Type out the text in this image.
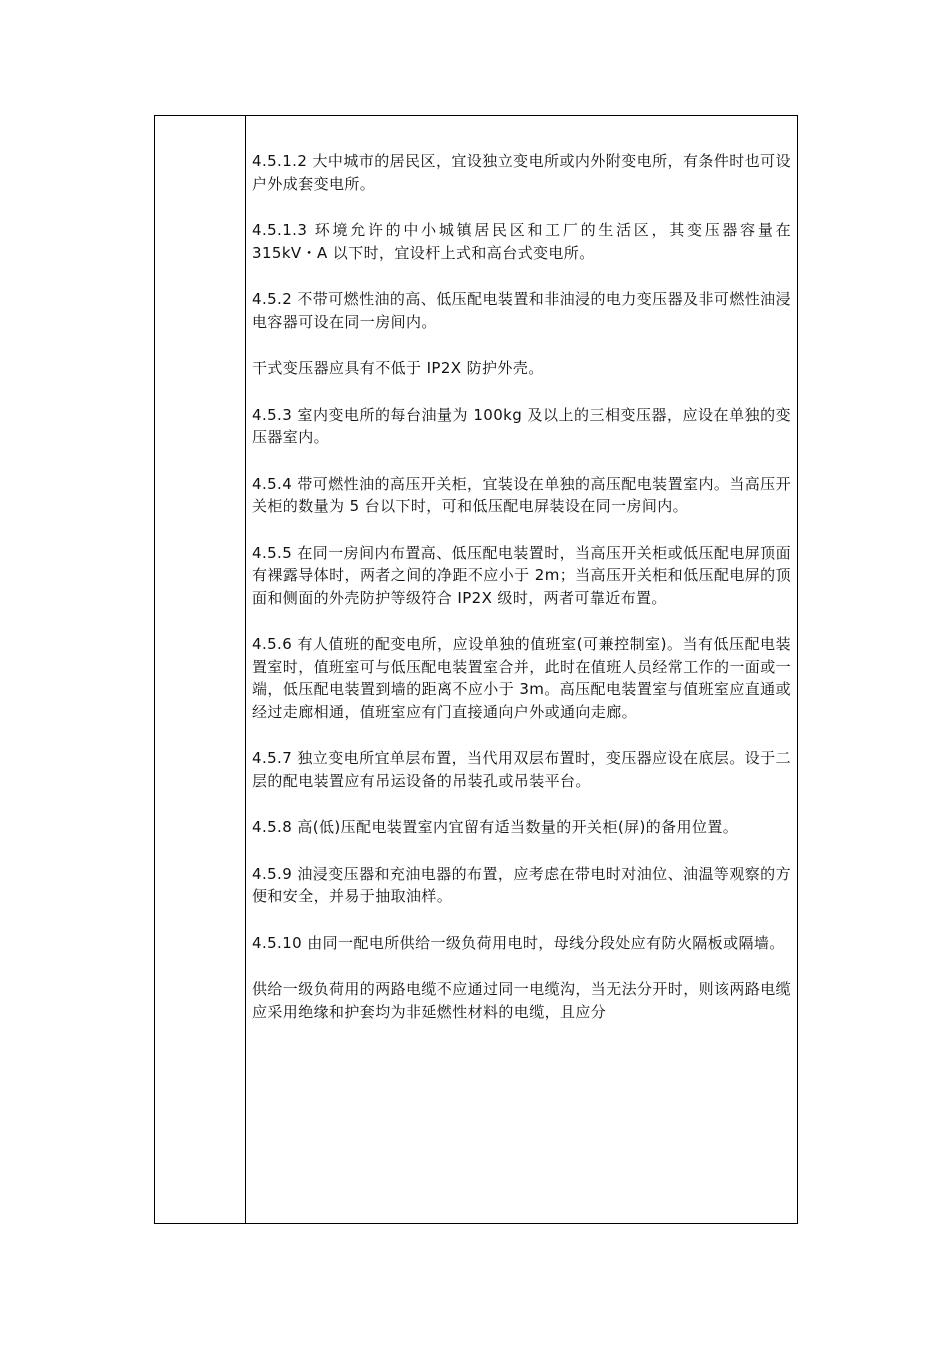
4.5.1.2 大中城市的居民区，宜设独立变电所或内外附变电所，有条件时也可设户外成套变电所。

4.5.1.3 环境允许的中小城镇居民区和工厂的生活区，其变压器容量在 315kV・A 以下时，宜设杆上式和高台式变电所。

4.5.2 不带可燃性油的高、低压配电装置和非油浸的电力变压器及非可燃性油浸电容器可设在同一房间内。

干式变压器应具有不低于 IP2X 防护外壳。

4.5.3 室内变电所的每台油量为 100kg 及以上的三相变压器，应设在单独的变压器室内。

4.5.4 带可燃性油的高压开关柜，宜装设在单独的高压配电装置室内。当高压开关柜的数量为 5 台以下时，可和低压配电屏装设在同一房间内。

4.5.5 在同一房间内布置高、低压配电装置时，当高压开关柜或低压配电屏顶面有裸露导体时，两者之间的净距不应小于 2m；当高压开关柜和低压配电屏的顶面和侧面的外壳防护等级符合 IP2X 级时，两者可靠近布置。

4.5.6 有人值班的配变电所，应设单独的值班室(可兼控制室)。当有低压配电装置室时，值班室可与低压配电装置室合并，此时在值班人员经常工作的一面或一端，低压配电装置到墙的距离不应小于 3m。高压配电装置室与值班室应直通或经过走廊相通，值班室应有门直接通向户外或通向走廊。

4.5.7 独立变电所宜单层布置，当代用双层布置时，变压器应设在底层。设于二层的配电装置应有吊运设备的吊装孔或吊装平台。

4.5.8 高(低)压配电装置室内宜留有适当数量的开关柜(屏)的备用位置。

4.5.9 油浸变压器和充油电器的布置，应考虑在带电时对油位、油温等观察的方便和安全，并易于抽取油样。

4.5.10 由同一配电所供给一级负荷用电时，母线分段处应有防火隔板或隔墙。

供给一级负荷用的两路电缆不应通过同一电缆沟，当无法分开时，则该两路电缆应采用绝缘和护套均为非延燃性材料的电缆，且应分
